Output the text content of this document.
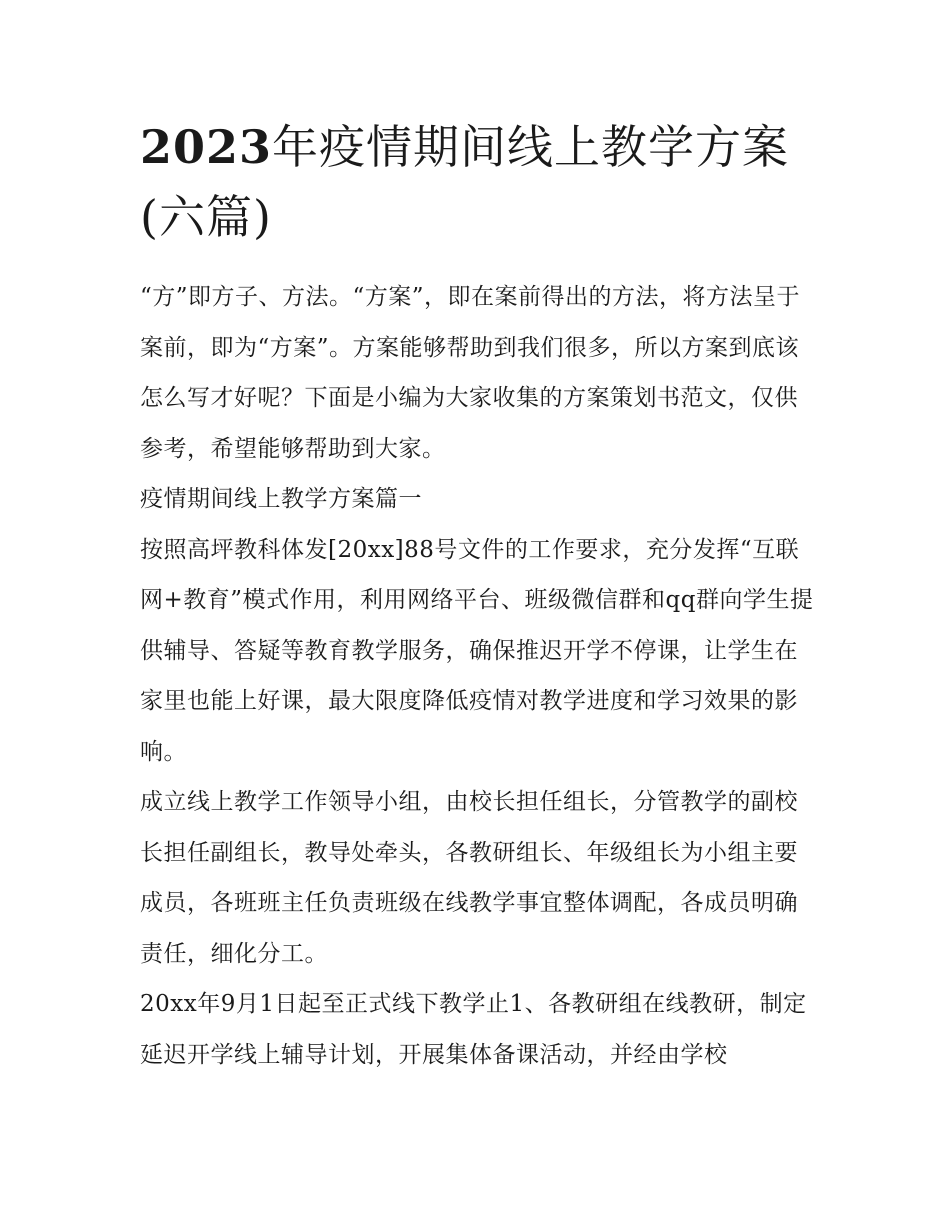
2023年疫情期间线上教学方案(六篇)

“方”即方子、方法。“方案”，即在案前得出的方法，将方法呈于案前，即为“方案”。方案能够帮助到我们很多，所以方案到底该怎么写才好呢？下面是小编为大家收集的方案策划书范文，仅供参考，希望能够帮助到大家。

疫情期间线上教学方案篇一

按照高坪教科体发[20xx]88号文件的工作要求，充分发挥“互联网+教育”模式作用，利用网络平台、班级微信群和qq群向学生提供辅导、答疑等教育教学服务，确保推迟开学不停课，让学生在家里也能上好课，最大限度降低疫情对教学进度和学习效果的影响。

成立线上教学工作领导小组，由校长担任组长，分管教学的副校长担任副组长，教导处牵头，各教研组长、年级组长为小组主要成员，各班班主任负责班级在线教学事宜整体调配，各成员明确责任，细化分工。

20xx年9月1日起至正式线下教学止1、各教研组在线教研，制定延迟开学线上辅导计划，开展集体备课活动，并经由学校
